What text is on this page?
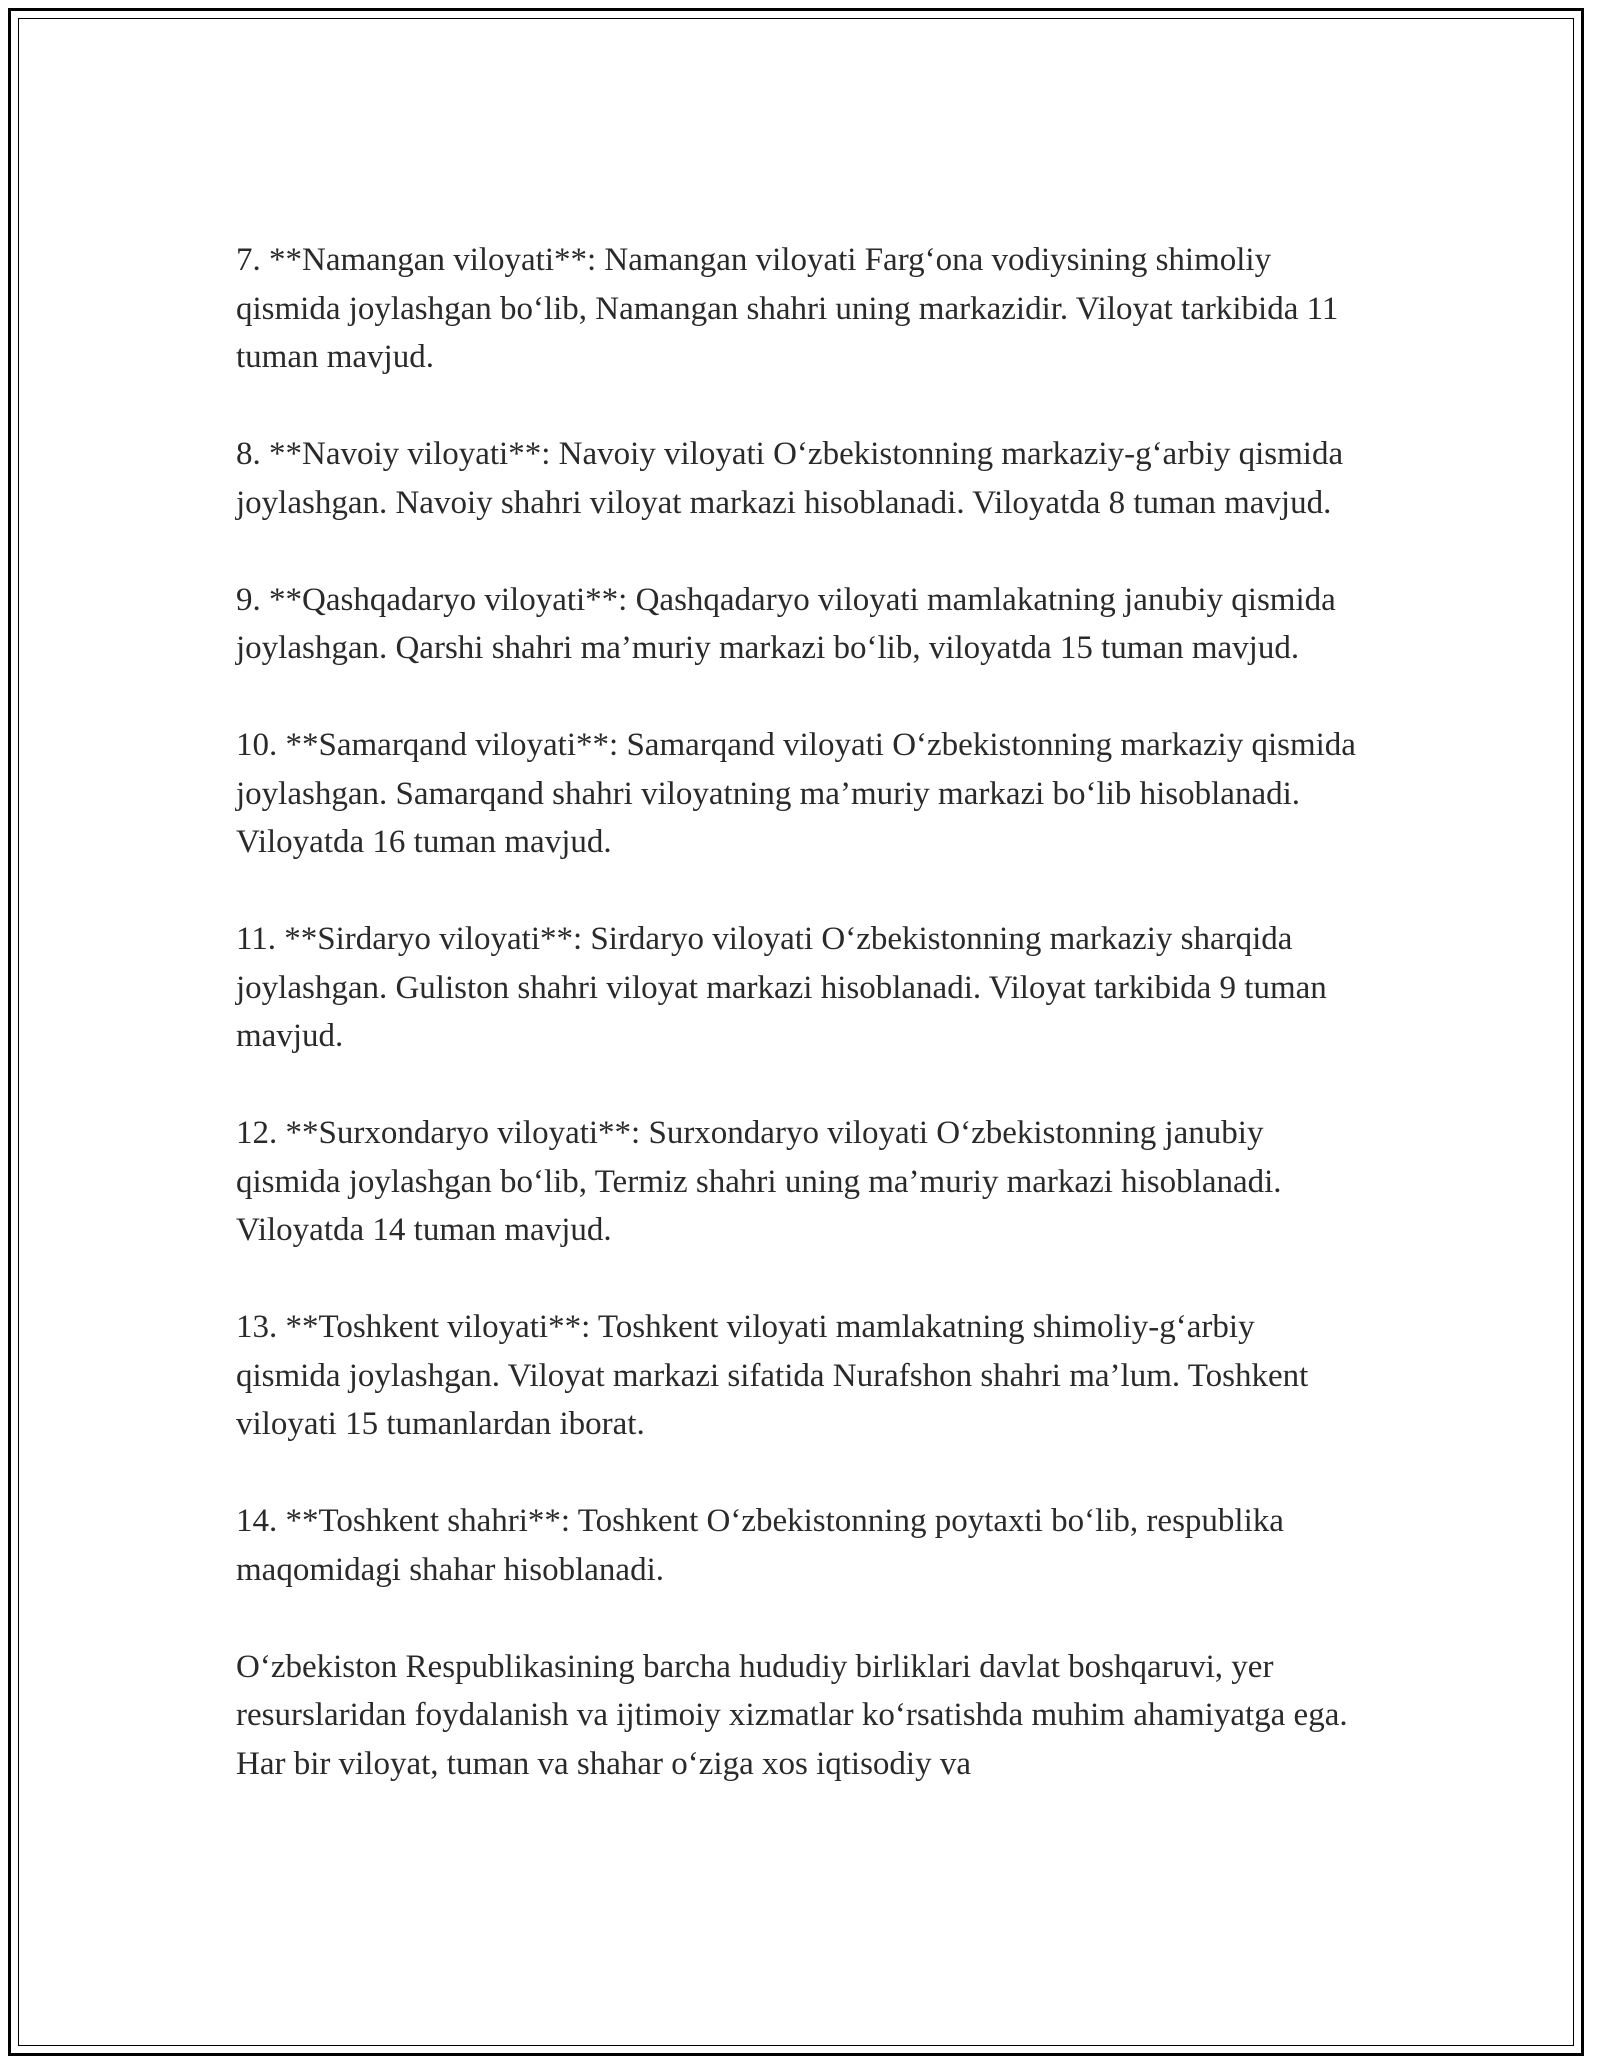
7. **Namangan viloyati**: Namangan viloyati Farg‘ona vodiysining shimoliy qismida joylashgan bo‘lib, Namangan shahri uning markazidir. Viloyat tarkibida 11 tuman mavjud.

8. **Navoiy viloyati**: Navoiy viloyati O‘zbekistonning markaziy-g‘arbiy qismida joylashgan. Navoiy shahri viloyat markazi hisoblanadi. Viloyatda 8 tuman mavjud.

9. **Qashqadaryo viloyati**: Qashqadaryo viloyati mamlakatning janubiy qismida joylashgan. Qarshi shahri ma’muriy markazi bo‘lib, viloyatda 15 tuman mavjud.

10. **Samarqand viloyati**: Samarqand viloyati O‘zbekistonning markaziy qismida joylashgan. Samarqand shahri viloyatning ma’muriy markazi bo‘lib hisoblanadi. Viloyatda 16 tuman mavjud.

11. **Sirdaryo viloyati**: Sirdaryo viloyati O‘zbekistonning markaziy sharqida joylashgan. Guliston shahri viloyat markazi hisoblanadi. Viloyat tarkibida 9 tuman mavjud.

12. **Surxondaryo viloyati**: Surxondaryo viloyati O‘zbekistonning janubiy qismida joylashgan bo‘lib, Termiz shahri uning ma’muriy markazi hisoblanadi. Viloyatda 14 tuman mavjud.

13. **Toshkent viloyati**: Toshkent viloyati mamlakatning shimoliy-g‘arbiy qismida joylashgan. Viloyat markazi sifatida Nurafshon shahri ma’lum. Toshkent viloyati 15 tumanlardan iborat.

14. **Toshkent shahri**: Toshkent O‘zbekistonning poytaxti bo‘lib, respublika maqomidagi shahar hisoblanadi.

O‘zbekiston Respublikasining barcha hududiy birliklari davlat boshqaruvi, yer resurslaridan foydalanish va ijtimoiy xizmatlar ko‘rsatishda muhim ahamiyatga ega. Har bir viloyat, tuman va shahar o‘ziga xos iqtisodiy va
